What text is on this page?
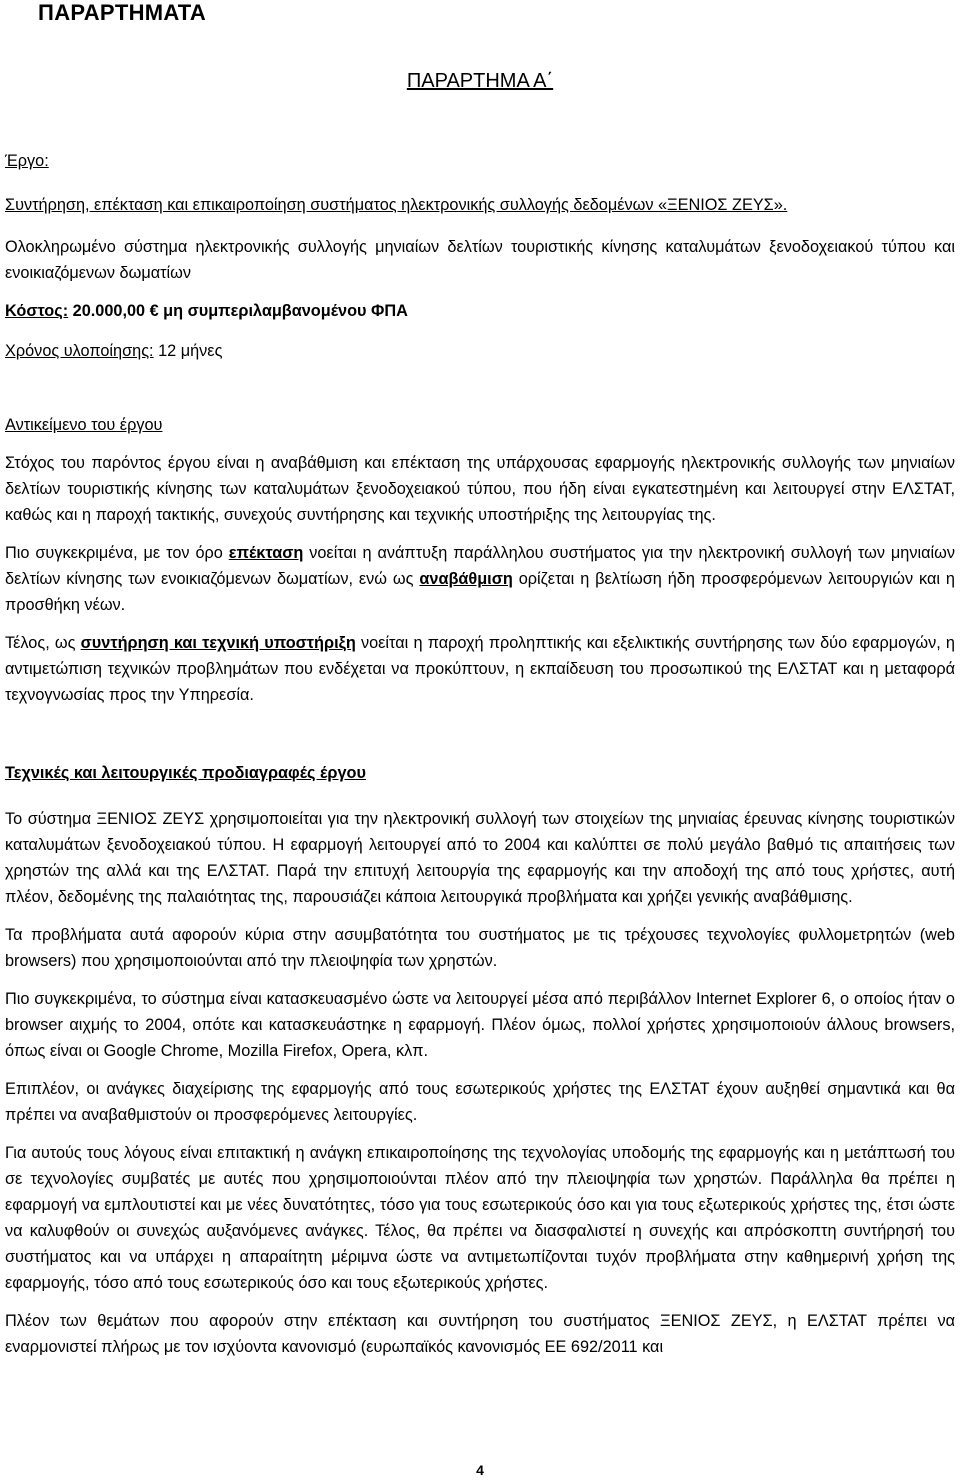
ΠΑΡΑΡΤΗΜΑΤΑ
ΠΑΡΑΡΤΗΜΑ Α΄

Έργο:

Συντήρηση, επέκταση και επικαιροποίηση συστήματος ηλεκτρονικής συλλογής δεδομένων «ΞΕΝΙΟΣ ΖΕΥΣ».

Ολοκληρωμένο σύστημα ηλεκτρονικής συλλογής μηνιαίων δελτίων τουριστικής κίνησης καταλυμάτων ξενοδοχειακού τύπου και ενοικιαζόμενων δωματίων

Κόστος: 20.000,00 € μη συμπεριλαμβανομένου ΦΠΑ

Χρόνος υλοποίησης: 12 μήνες

Αντικείμενο του έργου

Στόχος του παρόντος έργου είναι η αναβάθμιση και επέκταση της υπάρχουσας εφαρμογής ηλεκτρονικής συλλογής των μηνιαίων δελτίων τουριστικής κίνησης των καταλυμάτων ξενοδοχειακού τύπου, που ήδη είναι εγκατεστημένη και λειτουργεί στην ΕΛΣΤΑΤ, καθώς και η παροχή τακτικής, συνεχούς συντήρησης και τεχνικής υποστήριξης της λειτουργίας της.

Πιο συγκεκριμένα, με τον όρο επέκταση νοείται η ανάπτυξη παράλληλου συστήματος για την ηλεκτρονική συλλογή των μηνιαίων δελτίων κίνησης των ενοικιαζόμενων δωματίων, ενώ ως αναβάθμιση ορίζεται η βελτίωση ήδη προσφερόμενων λειτουργιών και η προσθήκη νέων.

Τέλος, ως συντήρηση και τεχνική υποστήριξη νοείται η παροχή προληπτικής και εξελικτικής συντήρησης των δύο εφαρμογών, η αντιμετώπιση τεχνικών προβλημάτων που ενδέχεται να προκύπτουν, η εκπαίδευση του προσωπικού της ΕΛΣΤΑΤ και η μεταφορά τεχνογνωσίας προς την Υπηρεσία.

Τεχνικές και λειτουργικές προδιαγραφές έργου

Το σύστημα ΞΕΝΙΟΣ ΖΕΥΣ χρησιμοποιείται για την ηλεκτρονική συλλογή των στοιχείων της μηνιαίας έρευνας κίνησης τουριστικών καταλυμάτων ξενοδοχειακού τύπου. Η εφαρμογή λειτουργεί από το 2004 και καλύπτει σε πολύ μεγάλο βαθμό τις απαιτήσεις των χρηστών της αλλά και της ΕΛΣΤΑΤ. Παρά την επιτυχή λειτουργία της εφαρμογής και την αποδοχή της από τους χρήστες, αυτή πλέον, δεδομένης της παλαιότητας της, παρουσιάζει κάποια λειτουργικά προβλήματα και χρήζει γενικής αναβάθμισης.

Τα προβλήματα αυτά αφορούν κύρια στην ασυμβατότητα του συστήματος με τις τρέχουσες τεχνολογίες φυλλομετρητών (web browsers) που χρησιμοποιούνται από την πλειοψηφία των χρηστών.

Πιο συγκεκριμένα, το σύστημα είναι κατασκευασμένο ώστε να λειτουργεί μέσα από περιβάλλον Internet Explorer 6, ο οποίος ήταν ο browser αιχμής το 2004, οπότε και κατασκευάστηκε η εφαρμογή. Πλέον όμως, πολλοί χρήστες χρησιμοποιούν άλλους browsers, όπως είναι οι Google Chrome, Mozilla Firefox, Opera, κλπ.

Επιπλέον, οι ανάγκες διαχείρισης της εφαρμογής από τους εσωτερικούς χρήστες της ΕΛΣΤΑΤ έχουν αυξηθεί σημαντικά και θα πρέπει να αναβαθμιστούν οι προσφερόμενες λειτουργίες.

Για αυτούς τους λόγους είναι επιτακτική η ανάγκη επικαιροποίησης της τεχνολογίας υποδομής της εφαρμογής και η μετάπτωσή του σε τεχνολογίες συμβατές με αυτές που χρησιμοποιούνται πλέον από την πλειοψηφία των χρηστών. Παράλληλα θα πρέπει η εφαρμογή να εμπλουτιστεί και με νέες δυνατότητες, τόσο για τους εσωτερικούς όσο και για τους εξωτερικούς χρήστες της, έτσι ώστε να καλυφθούν οι συνεχώς αυξανόμενες ανάγκες. Τέλος, θα πρέπει να διασφαλιστεί η συνεχής και απρόσκοπτη συντήρησή του συστήματος και να υπάρχει η απαραίτητη μέριμνα ώστε να αντιμετωπίζονται τυχόν προβλήματα στην καθημερινή χρήση της εφαρμογής, τόσο από τους εσωτερικούς όσο και τους εξωτερικούς χρήστες.

Πλέον των θεμάτων που αφορούν στην επέκταση και συντήρηση του συστήματος ΞΕΝΙΟΣ ΖΕΥΣ, η ΕΛΣΤΑΤ πρέπει να εναρμονιστεί πλήρως με τον ισχύοντα κανονισμό (ευρωπαϊκός κανονισμός ΕΕ 692/2011 και

4
